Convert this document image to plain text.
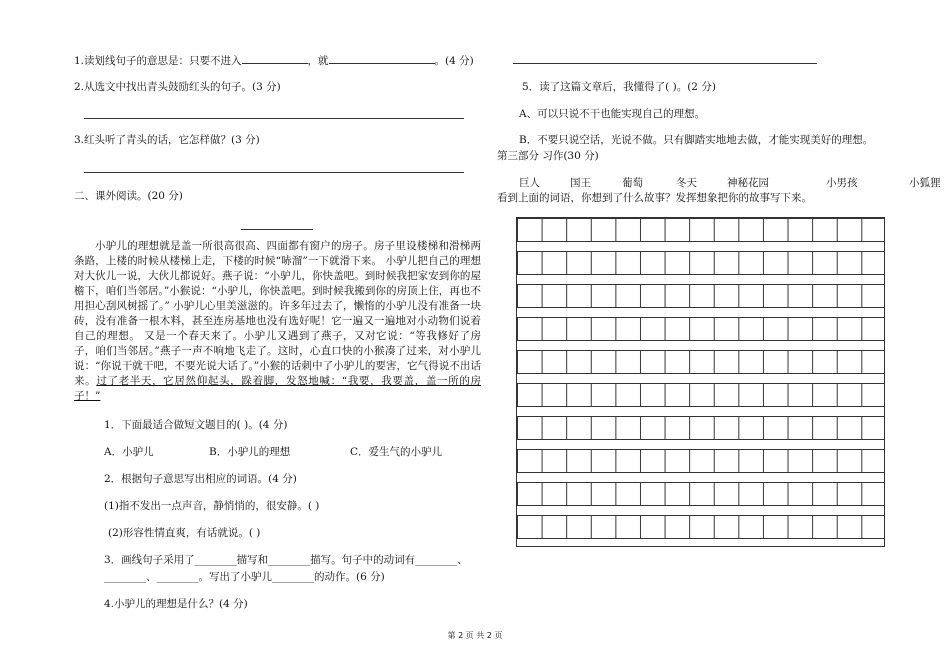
1.读划线句子的意思是：只要不进入	，就	。(4 分)
2.从选文中找出青头鼓励红头的句子。(3 分)
3.红头听了青头的话，它怎样做？(3 分)
二、课外阅读。(20 分)
小驴儿的理想就是盖一所很高很高、四面都有窗户的房子。房子里设楼梯和滑梯两条路，上楼的时候从楼梯上走，下楼的时候“哧溜”一下就滑下来。 小驴儿把自己的理想对大伙儿一说，大伙儿都说好。燕子说：“小驴儿，你快盖吧。到时候我把家安到你的屋檐下，咱们当邻居。”小猴说：“小驴儿，你快盖吧。到时候我搬到你的房顶上住，再也不用担心刮风树摇了。” 小驴儿心里美滋滋的。许多年过去了，懒惰的小驴儿没有准备一块砖，没有准备一根木料，甚至连房基地也没有选好呢！它一遍又一遍地对小动物们说着自己的理想。 又是一个春天来了。小驴儿又遇到了燕子，又对它说：“等我修好了房子，咱们当邻居。”燕子一声不响地飞走了。这时，心直口快的小猴凑了过来，对小驴儿说：“你说干就干吧，不要光说大话了。”小猴的话刺中了小驴儿的要害，它气得说不出话来。过了老半天，它居然仰起头，跺着脚，发怒地喊：“我要，我要盖，盖一所的房子！”
1．下面最适合做短文题目的( )。(4 分)
A．小驴儿	B．小驴儿的理想	C．爱生气的小驴儿
2．根据句子意思写出相应的词语。(4 分)
(1)指不发出一点声音，静悄悄的，很安静。( )
(2)形容性情直爽，有话就说。( )
3．画线句子采用了________描写和________描写。句子中的动词有________、
________、________。写出了小驴儿________的动作。(6 分)
4.小驴儿的理想是什么？(4 分)
5．读了这篇文章后，我懂得了( )。(2 分)
A、可以只说不干也能实现自己的理想。
B．不要只说空话，光说不做。只有脚踏实地地去做，才能实现美好的理想。
第三部分 习作(30 分)
巨人	国王	葡萄	冬天	神秘花园	小男孩	小狐狸
看到上面的词语，你想到了什么故事？发挥想象把你的故事写下来。
第 2 页 共 2 页
